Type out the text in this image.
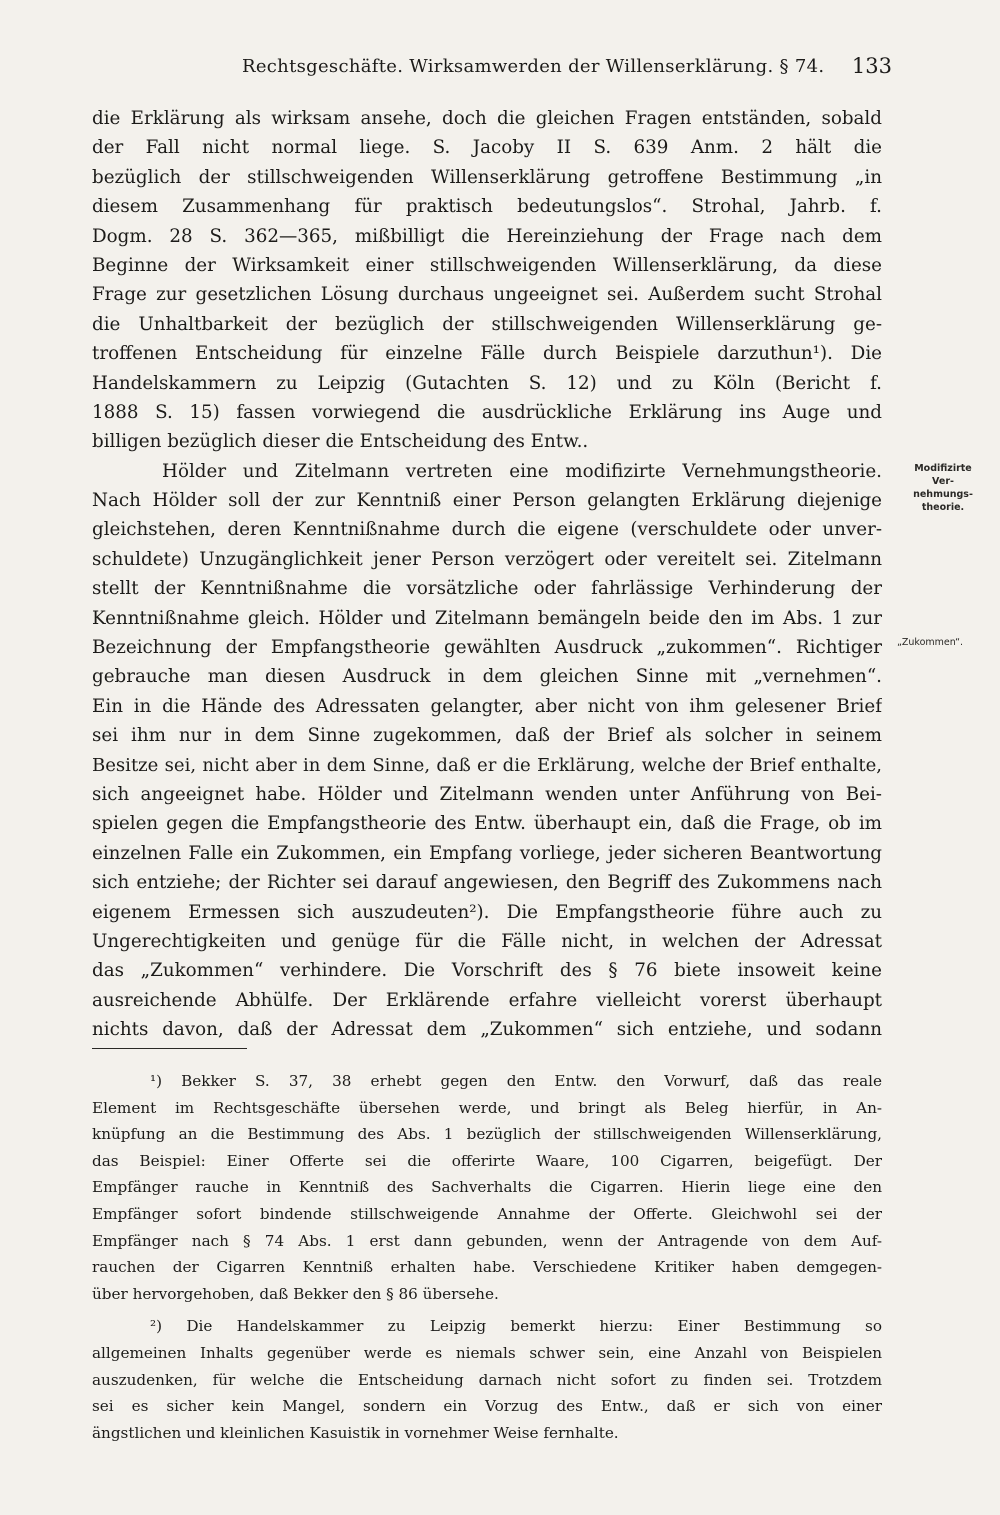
Rechtsgeschäfte. Wirksamwerden der Willenserklärung. § 74. 133
die Erklärung als wirksam ansehe, doch die gleichen Fragen entständen, sobald
der Fall nicht normal liege. S. Jacoby II S. 639 Anm. 2 hält die
bezüglich der stillschweigenden Willenserklärung getroffene Bestimmung „in
diesem Zusammenhang für praktisch bedeutungslos“. Strohal, Jahrb. f.
Dogm. 28 S. 362—365, mißbilligt die Hereinziehung der Frage nach dem
Beginne der Wirksamkeit einer stillschweigenden Willenserklärung, da diese
Frage zur gesetzlichen Lösung durchaus ungeeignet sei. Außerdem sucht Strohal
die Unhaltbarkeit der bezüglich der stillschweigenden Willenserklärung ge-
troffenen Entscheidung für einzelne Fälle durch Beispiele darzuthun¹). Die
Handelskammern zu Leipzig (Gutachten S. 12) und zu Köln (Bericht f.
1888 S. 15) fassen vorwiegend die ausdrückliche Erklärung ins Auge und
billigen bezüglich dieser die Entscheidung des Entw..
Hölder und Zitelmann vertreten eine modifizirte Vernehmungstheorie.
Nach Hölder soll der zur Kenntniß einer Person gelangten Erklärung diejenige
gleichstehen, deren Kenntnißnahme durch die eigene (verschuldete oder unver-
schuldete) Unzugänglichkeit jener Person verzögert oder vereitelt sei. Zitelmann
stellt der Kenntnißnahme die vorsätzliche oder fahrlässige Verhinderung der
Kenntnißnahme gleich. Hölder und Zitelmann bemängeln beide den im Abs. 1 zur
Bezeichnung der Empfangstheorie gewählten Ausdruck „zukommen“. Richtiger
gebrauche man diesen Ausdruck in dem gleichen Sinne mit „vernehmen“.
Ein in die Hände des Adressaten gelangter, aber nicht von ihm gelesener Brief
sei ihm nur in dem Sinne zugekommen, daß der Brief als solcher in seinem
Besitze sei, nicht aber in dem Sinne, daß er die Erklärung, welche der Brief enthalte,
sich angeeignet habe. Hölder und Zitelmann wenden unter Anführung von Bei-
spielen gegen die Empfangstheorie des Entw. überhaupt ein, daß die Frage, ob im
einzelnen Falle ein Zukommen, ein Empfang vorliege, jeder sicheren Beantwortung
sich entziehe; der Richter sei darauf angewiesen, den Begriff des Zukommens nach
eigenem Ermessen sich auszudeuten²). Die Empfangstheorie führe auch zu
Ungerechtigkeiten und genüge für die Fälle nicht, in welchen der Adressat
das „Zukommen“ verhindere. Die Vorschrift des § 76 biete insoweit keine
ausreichende Abhülfe. Der Erklärende erfahre vielleicht vorerst überhaupt
nichts davon, daß der Adressat dem „Zukommen“ sich entziehe, und sodann
Modifizirte
Ver-
nehmungs-
theorie.
„Zukommen“.
¹) Bekker S. 37, 38 erhebt gegen den Entw. den Vorwurf, daß das reale
Element im Rechtsgeschäfte übersehen werde, und bringt als Beleg hierfür, in An-
knüpfung an die Bestimmung des Abs. 1 bezüglich der stillschweigenden Willenserklärung,
das Beispiel: Einer Offerte sei die offerirte Waare, 100 Cigarren, beigefügt. Der
Empfänger rauche in Kenntniß des Sachverhalts die Cigarren. Hierin liege eine den
Empfänger sofort bindende stillschweigende Annahme der Offerte. Gleichwohl sei der
Empfänger nach § 74 Abs. 1 erst dann gebunden, wenn der Antragende von dem Auf-
rauchen der Cigarren Kenntniß erhalten habe. Verschiedene Kritiker haben demgegen-
über hervorgehoben, daß Bekker den § 86 übersehe.
²) Die Handelskammer zu Leipzig bemerkt hierzu: Einer Bestimmung so
allgemeinen Inhalts gegenüber werde es niemals schwer sein, eine Anzahl von Beispielen
auszudenken, für welche die Entscheidung darnach nicht sofort zu finden sei. Trotzdem
sei es sicher kein Mangel, sondern ein Vorzug des Entw., daß er sich von einer
ängstlichen und kleinlichen Kasuistik in vornehmer Weise fernhalte.
